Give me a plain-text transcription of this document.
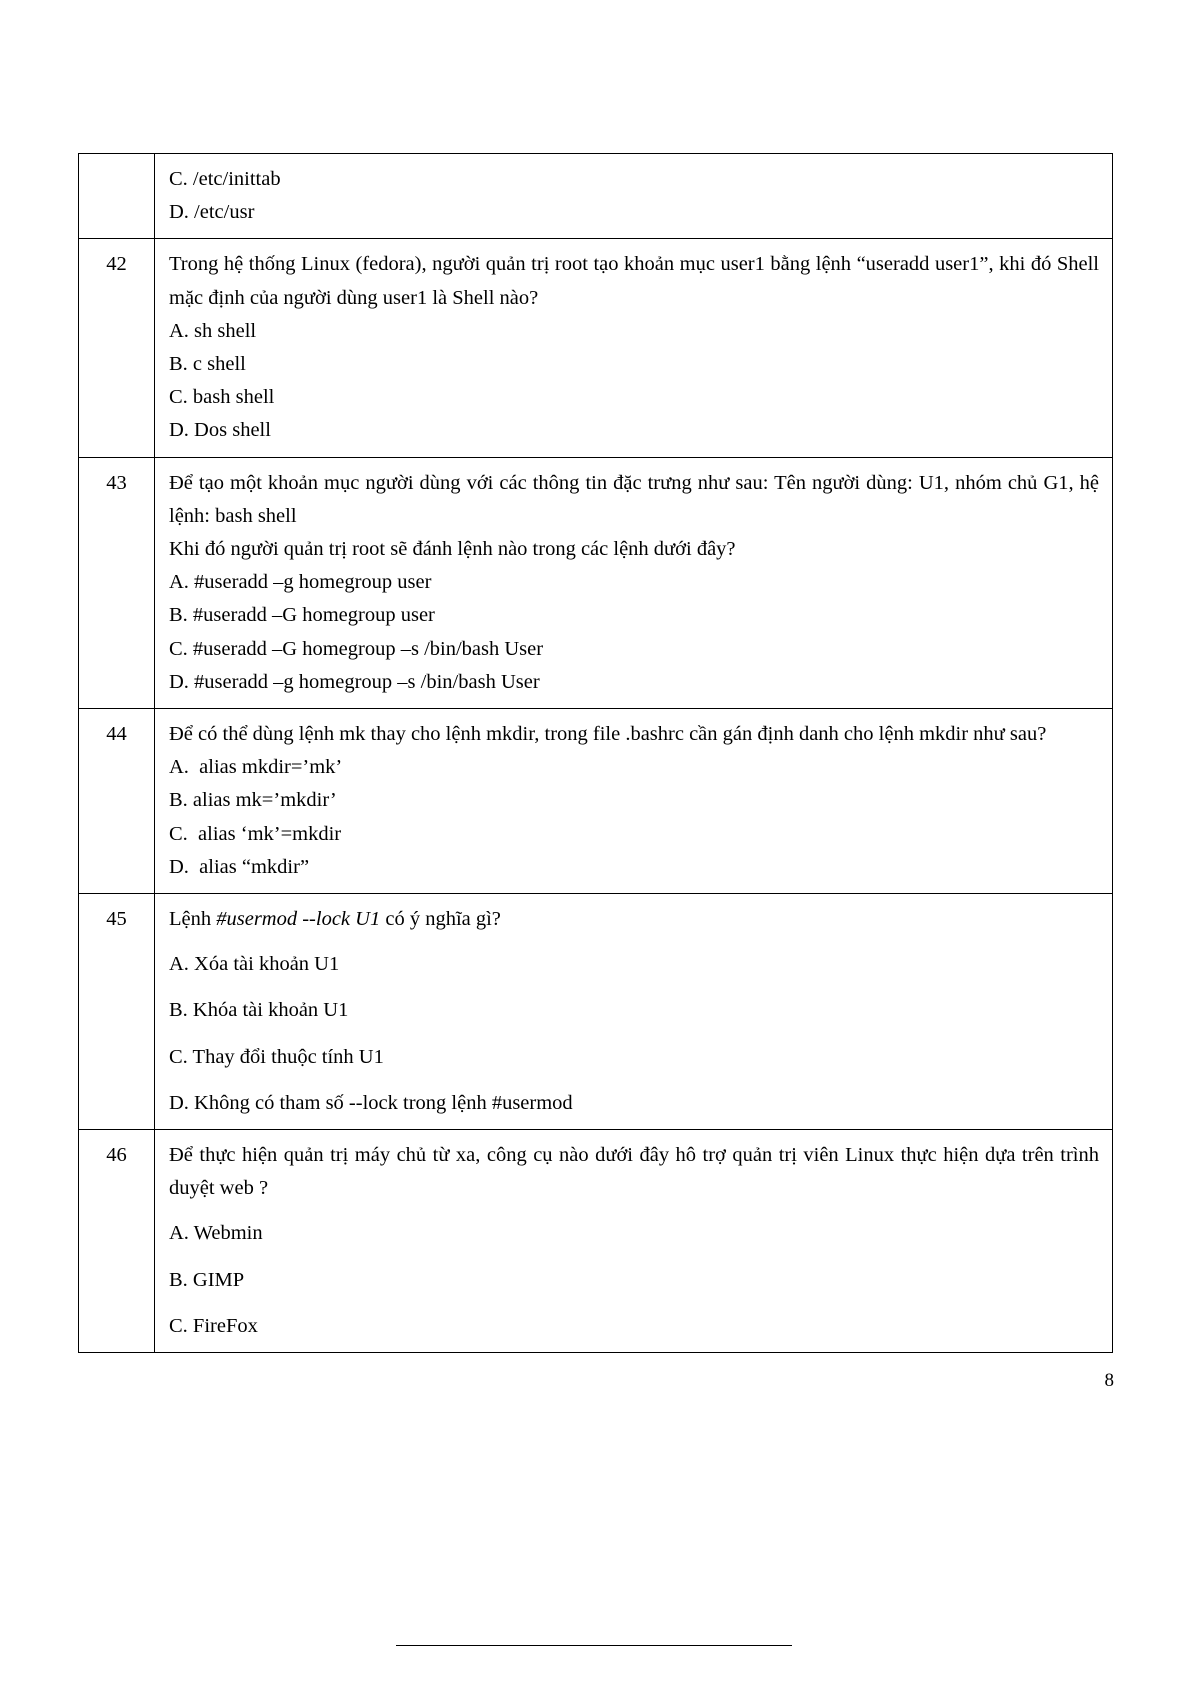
	C. /etc/inittab

D. /etc/usr

42	Trong hệ thống Linux (fedora), người quản trị root tạo khoản mục user1 bằng lệnh “useradd user1”, khi đó Shell mặc định của người dùng user1 là Shell nào?

A. sh shell

B. c shell

C. bash shell

D. Dos shell

43	Để tạo một khoản mục người dùng với các thông tin đặc trưng như sau: Tên người dùng: U1, nhóm chủ G1, hệ lệnh: bash shell

Khi đó người quản trị root sẽ đánh lệnh nào trong các lệnh dưới đây?

A. #useradd –g homegroup user

B. #useradd –G homegroup user

C. #useradd –G homegroup –s /bin/bash User

D. #useradd –g homegroup –s /bin/bash User

44	Để có thể dùng lệnh mk thay cho lệnh mkdir, trong file .bashrc cần gán định danh cho lệnh mkdir như sau?

A.  alias mkdir=’mk’

B. alias mk=’mkdir’

C.  alias ‘mk’=mkdir

D.  alias “mkdir”

45	Lệnh #usermod --lock U1 có ý nghĩa gì?

A. Xóa tài khoản U1

B. Khóa tài khoản U1

C. Thay đổi thuộc tính U1

D. Không có tham số --lock trong lệnh #usermod

46	Để thực hiện quản trị máy chủ từ xa, công cụ nào dưới đây hô trợ quản trị viên Linux thực hiện dựa trên trình duyệt web ?

A. Webmin

B. GIMP

C. FireFox

8
